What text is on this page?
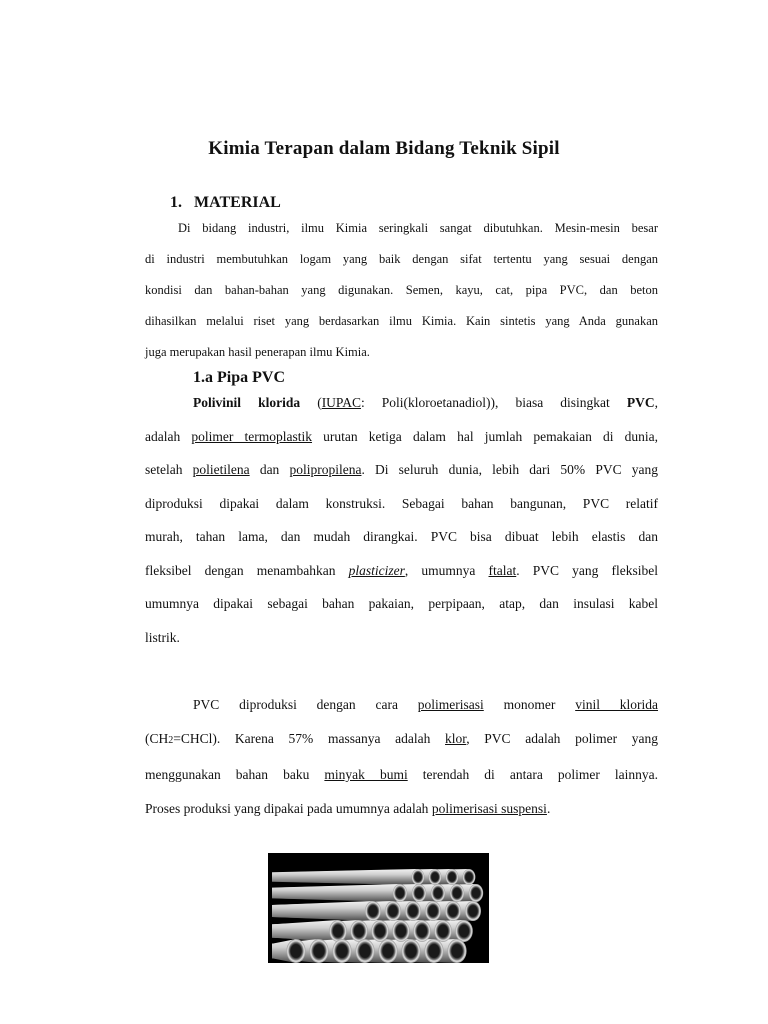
Kimia Terapan dalam Bidang Teknik Sipil
1. MATERIAL
Di bidang industri, ilmu Kimia seringkali sangat dibutuhkan. Mesin-mesin besar
di industri membutuhkan logam yang baik dengan sifat tertentu yang sesuai dengan
kondisi dan bahan-bahan yang digunakan. Semen, kayu, cat, pipa PVC, dan beton
dihasilkan melalui riset yang berdasarkan ilmu Kimia. Kain sintetis yang Anda gunakan
juga merupakan hasil penerapan ilmu Kimia.
1.a Pipa PVC
Polivinil klorida (IUPAC: Poli(kloroetanadiol)), biasa disingkat PVC,
adalah polimer termoplastik urutan ketiga dalam hal jumlah pemakaian di dunia,
setelah polietilena dan polipropilena. Di seluruh dunia, lebih dari 50% PVC yang
diproduksi dipakai dalam konstruksi. Sebagai bahan bangunan, PVC relatif
murah, tahan lama, dan mudah dirangkai. PVC bisa dibuat lebih elastis dan
fleksibel dengan menambahkan plasticizer, umumnya ftalat. PVC yang fleksibel
umumnya dipakai sebagai bahan pakaian, perpipaan, atap, dan insulasi kabel
listrik.
PVC diproduksi dengan cara polimerisasi monomer vinil klorida
(CH2=CHCl). Karena 57% massanya adalah klor, PVC adalah polimer yang
menggunakan bahan baku minyak bumi terendah di antara polimer lainnya.
Proses produksi yang dipakai pada umumnya adalah polimerisasi suspensi.
